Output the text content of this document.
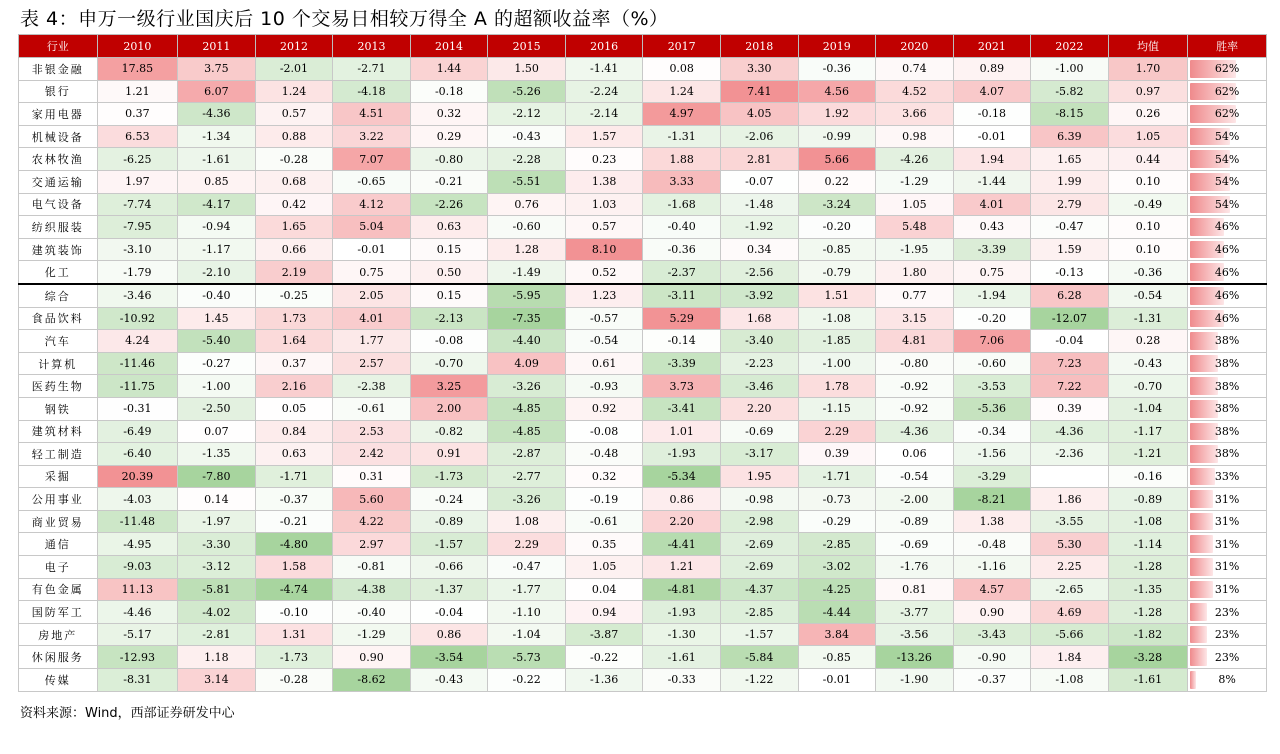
表 4：申万一级行业国庆后 10 个交易日相较万得全 A 的超额收益率（%）
行业	2010	2011	2012	2013	2014	2015	2016	2017	2018	2019	2020	2021	2022	均值	胜率
非银金融	17.85	3.75	-2.01	-2.71	1.44	1.50	-1.41	0.08	3.30	-0.36	0.74	0.89	-1.00	1.70	62%
银行	1.21	6.07	1.24	-4.18	-0.18	-5.26	-2.24	1.24	7.41	4.56	4.52	4.07	-5.82	0.97	62%
家用电器	0.37	-4.36	0.57	4.51	0.32	-2.12	-2.14	4.97	4.05	1.92	3.66	-0.18	-8.15	0.26	62%
机械设备	6.53	-1.34	0.88	3.22	0.29	-0.43	1.57	-1.31	-2.06	-0.99	0.98	-0.01	6.39	1.05	54%
农林牧渔	-6.25	-1.61	-0.28	7.07	-0.80	-2.28	0.23	1.88	2.81	5.66	-4.26	1.94	1.65	0.44	54%
交通运输	1.97	0.85	0.68	-0.65	-0.21	-5.51	1.38	3.33	-0.07	0.22	-1.29	-1.44	1.99	0.10	54%
电气设备	-7.74	-4.17	0.42	4.12	-2.26	0.76	1.03	-1.68	-1.48	-3.24	1.05	4.01	2.79	-0.49	54%
纺织服装	-7.95	-0.94	1.65	5.04	0.63	-0.60	0.57	-0.40	-1.92	-0.20	5.48	0.43	-0.47	0.10	46%
建筑装饰	-3.10	-1.17	0.66	-0.01	0.15	1.28	8.10	-0.36	0.34	-0.85	-1.95	-3.39	1.59	0.10	46%
化工	-1.79	-2.10	2.19	0.75	0.50	-1.49	0.52	-2.37	-2.56	-0.79	1.80	0.75	-0.13	-0.36	46%
综合	-3.46	-0.40	-0.25	2.05	0.15	-5.95	1.23	-3.11	-3.92	1.51	0.77	-1.94	6.28	-0.54	46%
食品饮料	-10.92	1.45	1.73	4.01	-2.13	-7.35	-0.57	5.29	1.68	-1.08	3.15	-0.20	-12.07	-1.31	46%
汽车	4.24	-5.40	1.64	1.77	-0.08	-4.40	-0.54	-0.14	-3.40	-1.85	4.81	7.06	-0.04	0.28	38%
计算机	-11.46	-0.27	0.37	2.57	-0.70	4.09	0.61	-3.39	-2.23	-1.00	-0.80	-0.60	7.23	-0.43	38%
医药生物	-11.75	-1.00	2.16	-2.38	3.25	-3.26	-0.93	3.73	-3.46	1.78	-0.92	-3.53	7.22	-0.70	38%
钢铁	-0.31	-2.50	0.05	-0.61	2.00	-4.85	0.92	-3.41	2.20	-1.15	-0.92	-5.36	0.39	-1.04	38%
建筑材料	-6.49	0.07	0.84	2.53	-0.82	-4.85	-0.08	1.01	-0.69	2.29	-4.36	-0.34	-4.36	-1.17	38%
轻工制造	-6.40	-1.35	0.63	2.42	0.91	-2.87	-0.48	-1.93	-3.17	0.39	0.06	-1.56	-2.36	-1.21	38%
采掘	20.39	-7.80	-1.71	0.31	-1.73	-2.77	0.32	-5.34	1.95	-1.71	-0.54	-3.29		-0.16	33%
公用事业	-4.03	0.14	-0.37	5.60	-0.24	-3.26	-0.19	0.86	-0.98	-0.73	-2.00	-8.21	1.86	-0.89	31%
商业贸易	-11.48	-1.97	-0.21	4.22	-0.89	1.08	-0.61	2.20	-2.98	-0.29	-0.89	1.38	-3.55	-1.08	31%
通信	-4.95	-3.30	-4.80	2.97	-1.57	2.29	0.35	-4.41	-2.69	-2.85	-0.69	-0.48	5.30	-1.14	31%
电子	-9.03	-3.12	1.58	-0.81	-0.66	-0.47	1.05	1.21	-2.69	-3.02	-1.76	-1.16	2.25	-1.28	31%
有色金属	11.13	-5.81	-4.74	-4.38	-1.37	-1.77	0.04	-4.81	-4.37	-4.25	0.81	4.57	-2.65	-1.35	31%
国防军工	-4.46	-4.02	-0.10	-0.40	-0.04	-1.10	0.94	-1.93	-2.85	-4.44	-3.77	0.90	4.69	-1.28	23%
房地产	-5.17	-2.81	1.31	-1.29	0.86	-1.04	-3.87	-1.30	-1.57	3.84	-3.56	-3.43	-5.66	-1.82	23%
休闲服务	-12.93	1.18	-1.73	0.90	-3.54	-5.73	-0.22	-1.61	-5.84	-0.85	-13.26	-0.90	1.84	-3.28	23%
传媒	-8.31	3.14	-0.28	-8.62	-0.43	-0.22	-1.36	-0.33	-1.22	-0.01	-1.90	-0.37	-1.08	-1.61	8%
资料来源：Wind，西部证券研发中心
